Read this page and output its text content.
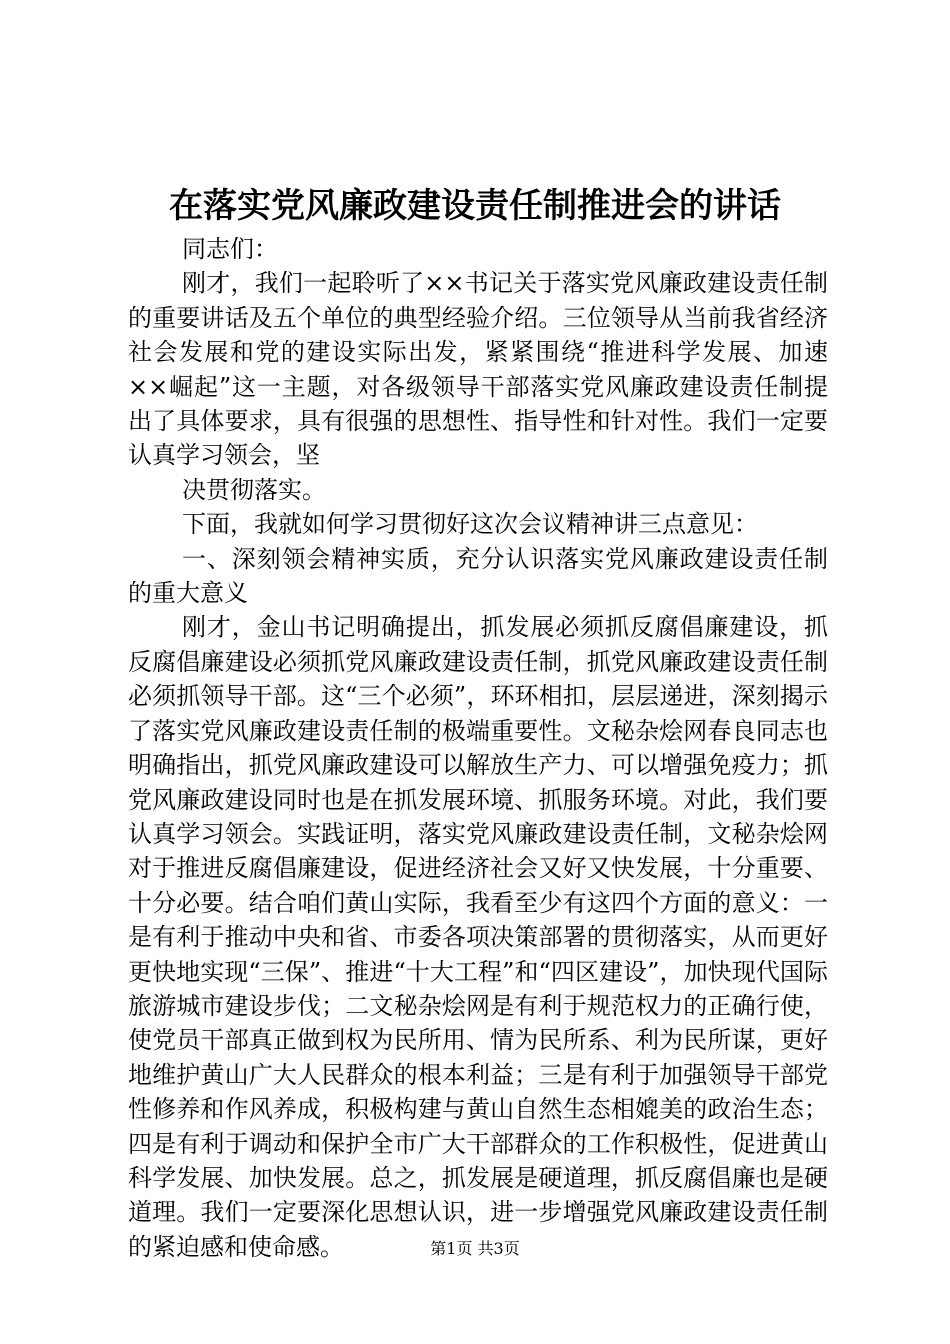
在落实党风廉政建设责任制推进会的讲话

同志们：

刚才，我们一起聆听了××书记关于落实党风廉政建设责任制的重要讲话及五个单位的典型经验介绍。三位领导从当前我省经济社会发展和党的建设实际出发，紧紧围绕“推进科学发展、加速××崛起”这一主题，对各级领导干部落实党风廉政建设责任制提出了具体要求，具有很强的思想性、指导性和针对性。我们一定要认真学习领会，坚

决贯彻落实。

下面，我就如何学习贯彻好这次会议精神讲三点意见：

一、深刻领会精神实质，充分认识落实党风廉政建设责任制的重大意义

刚才，金山书记明确提出，抓发展必须抓反腐倡廉建设，抓反腐倡廉建设必须抓党风廉政建设责任制，抓党风廉政建设责任制必须抓领导干部。这“三个必须”，环环相扣，层层递进，深刻揭示了落实党风廉政建设责任制的极端重要性。文秘杂烩网春良同志也明确指出，抓党风廉政建设可以解放生产力、可以增强免疫力；抓党风廉政建设同时也是在抓发展环境、抓服务环境。对此，我们要认真学习领会。实践证明，落实党风廉政建设责任制，文秘杂烩网对于推进反腐倡廉建设，促进经济社会又好又快发展，十分重要、十分必要。结合咱们黄山实际，我看至少有这四个方面的意义：一是有利于推动中央和省、市委各项决策部署的贯彻落实，从而更好更快地实现“三保”、推进“十大工程”和“四区建设”，加快现代国际旅游城市建设步伐；二文秘杂烩网是有利于规范权力的正确行使，使党员干部真正做到权为民所用、情为民所系、利为民所谋，更好地维护黄山广大人民群众的根本利益；三是有利于加强领导干部党性修养和作风养成，积极构建与黄山自然生态相媲美的政治生态；四是有利于调动和保护全市广大干部群众的工作积极性，促进黄山科学发展、加快发展。总之，抓发展是硬道理，抓反腐倡廉也是硬道理。我们一定要深化思想认识，进一步增强党风廉政建设责任制的紧迫感和使命感。	第1页 共3页
